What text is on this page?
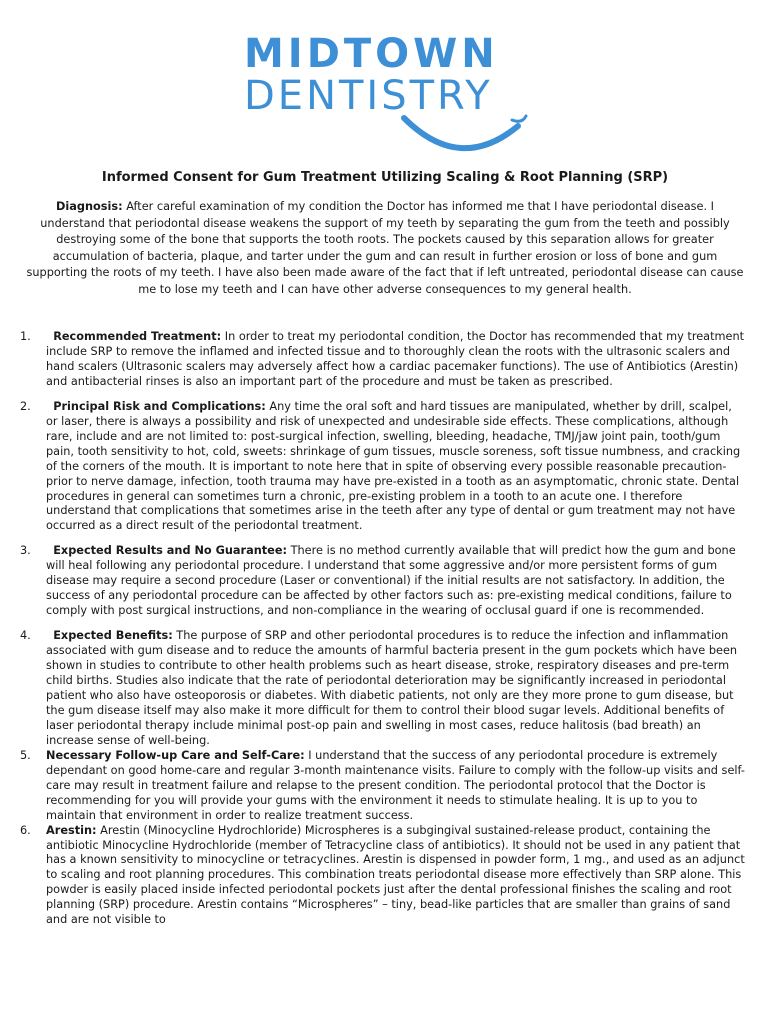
MIDTOWN
DENTISTRY
Informed Consent for Gum Treatment Utilizing Scaling & Root Planning (SRP)
Diagnosis: After careful examination of my condition the Doctor has informed me that I have periodontal disease. I understand that periodontal disease weakens the support of my teeth by separating the gum from the teeth and possibly destroying some of the bone that supports the tooth roots. The pockets caused by this separation allows for greater accumulation of bacteria, plaque, and tarter under the gum and can result in further erosion or loss of bone and gum supporting the roots of my teeth. I have also been made aware of the fact that if left untreated, periodontal disease can cause me to lose my teeth and I can have other adverse consequences to my general health.
1. Recommended Treatment: In order to treat my periodontal condition, the Doctor has recommended that my treatment include SRP to remove the inflamed and infected tissue and to thoroughly clean the roots with the ultrasonic scalers and hand scalers (Ultrasonic scalers may adversely affect how a cardiac pacemaker functions). The use of Antibiotics (Arestin) and antibacterial rinses is also an important part of the procedure and must be taken as prescribed.
2. Principal Risk and Complications: Any time the oral soft and hard tissues are manipulated, whether by drill, scalpel, or laser, there is always a possibility and risk of unexpected and undesirable side effects. These complications, although rare, include and are not limited to: post-surgical infection, swelling, bleeding, headache, TMJ/jaw joint pain, tooth/gum pain, tooth sensitivity to hot, cold, sweets: shrinkage of gum tissues, muscle soreness, soft tissue numbness, and cracking of the corners of the mouth. It is important to note here that in spite of observing every possible reasonable precaution- prior to nerve damage, infection, tooth trauma may have pre-existed in a tooth as an asymptomatic, chronic state. Dental procedures in general can sometimes turn a chronic, pre-existing problem in a tooth to an acute one. I therefore understand that complications that sometimes arise in the teeth after any type of dental or gum treatment may not have occurred as a direct result of the periodontal treatment.
3. Expected Results and No Guarantee: There is no method currently available that will predict how the gum and bone will heal following any periodontal procedure. I understand that some aggressive and/or more persistent forms of gum disease may require a second procedure (Laser or conventional) if the initial results are not satisfactory. In addition, the success of any periodontal procedure can be affected by other factors such as: pre-existing medical conditions, failure to comply with post surgical instructions, and non-compliance in the wearing of occlusal guard if one is recommended.
4. Expected Benefits: The purpose of SRP and other periodontal procedures is to reduce the infection and inflammation associated with gum disease and to reduce the amounts of harmful bacteria present in the gum pockets which have been shown in studies to contribute to other health problems such as heart disease, stroke, respiratory diseases and pre-term child births. Studies also indicate that the rate of periodontal deterioration may be significantly increased in periodontal patient who also have osteoporosis or diabetes. With diabetic patients, not only are they more prone to gum disease, but the gum disease itself may also make it more difficult for them to control their blood sugar levels. Additional benefits of laser periodontal therapy include minimal post-op pain and swelling in most cases, reduce halitosis (bad breath) an increase sense of well-being.
5. Necessary Follow-up Care and Self-Care: I understand that the success of any periodontal procedure is extremely dependant on good home-care and regular 3-month maintenance visits. Failure to comply with the follow-up visits and self-care may result in treatment failure and relapse to the present condition. The periodontal protocol that the Doctor is recommending for you will provide your gums with the environment it needs to stimulate healing. It is up to you to maintain that environment in order to realize treatment success.
6. Arestin: Arestin (Minocycline Hydrochloride) Microspheres is a subgingival sustained-release product, containing the antibiotic Minocycline Hydrochloride (member of Tetracycline class of antibiotics). It should not be used in any patient that has a known sensitivity to minocycline or tetracyclines. Arestin is dispensed in powder form, 1 mg., and used as an adjunct to scaling and root planning procedures. This combination treats periodontal disease more effectively than SRP alone. This powder is easily placed inside infected periodontal pockets just after the dental professional finishes the scaling and root planning (SRP) procedure. Arestin contains “Microspheres” – tiny, bead-like particles that are smaller than grains of sand and are not visible to
